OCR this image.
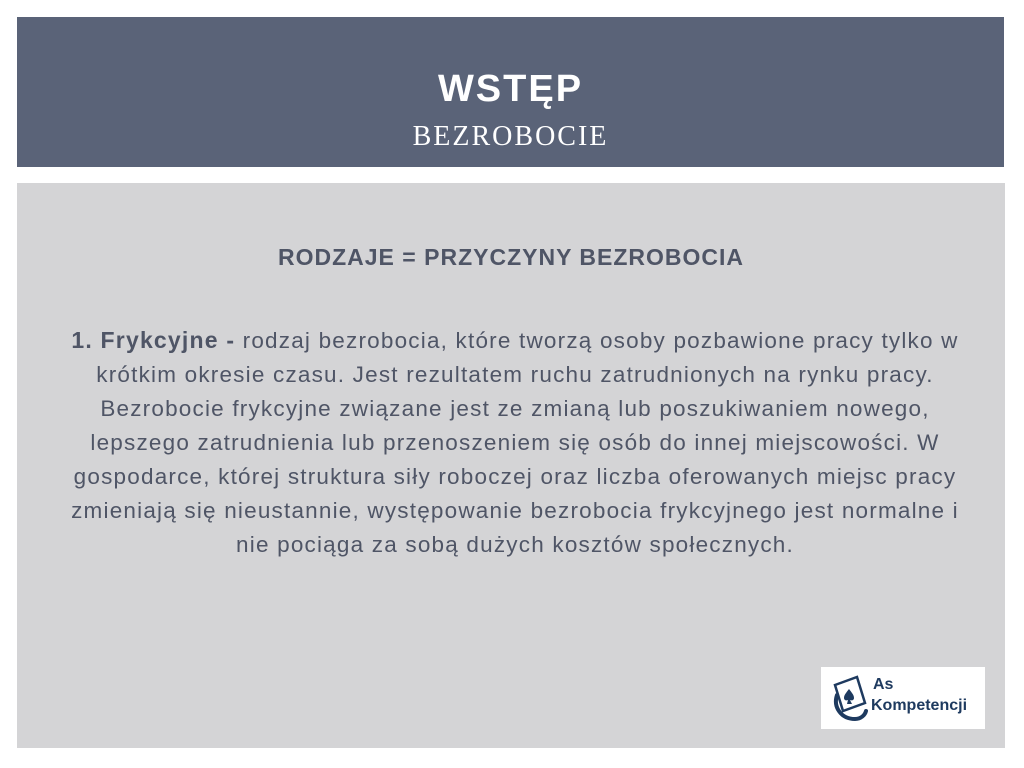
WSTĘP
BEZROBOCIE
RODZAJE = PRZYCZYNY BEZROBOCIA
1. Frykcyjne - rodzaj bezrobocia, które tworzą osoby pozbawione pracy tylko w krótkim okresie czasu. Jest rezultatem ruchu zatrudnionych na rynku pracy. Bezrobocie frykcyjne związane jest ze zmianą lub poszukiwaniem nowego, lepszego zatrudnienia lub przenoszeniem się osób do innej miejscowości. W gospodarce, której struktura siły roboczej oraz liczba oferowanych miejsc pracy zmieniają się nieustannie, występowanie bezrobocia frykcyjnego jest normalne i nie pociąga za sobą dużych kosztów społecznych.
As
Kompetencji
